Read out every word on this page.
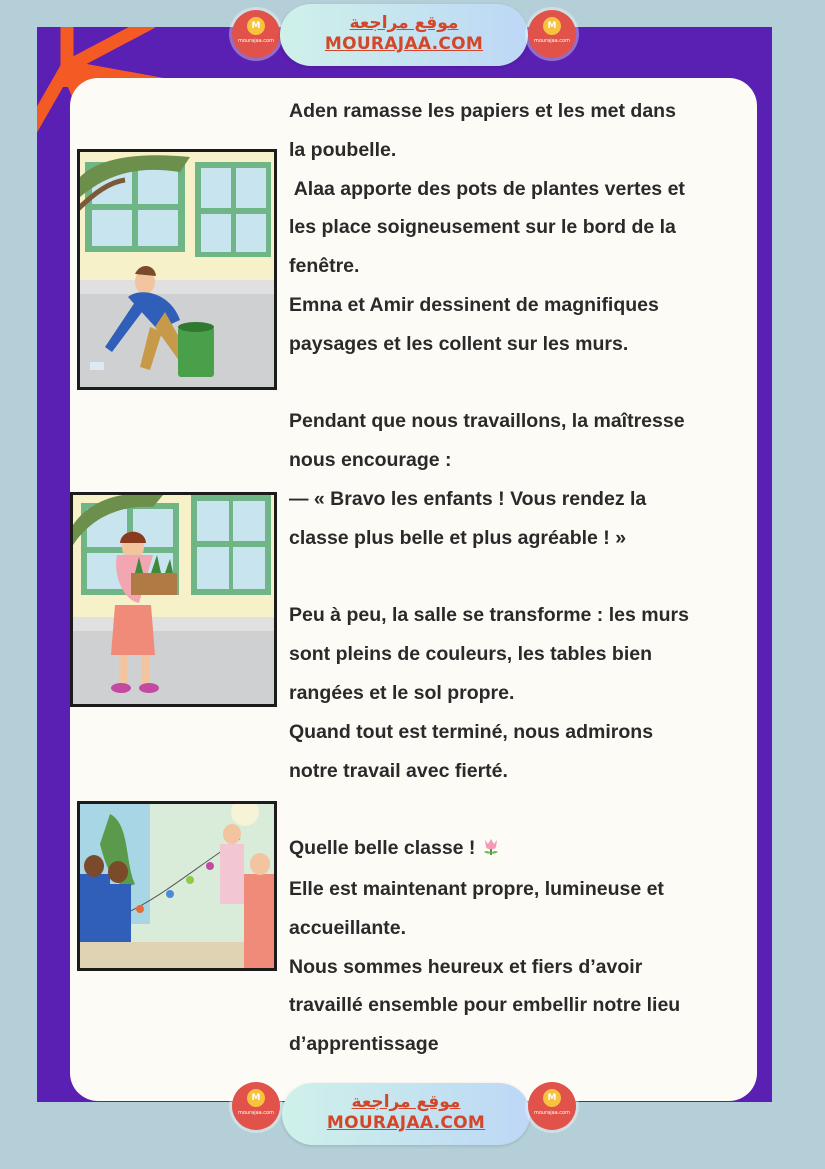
M
mourajaa.com
موقع مراجعة
MOURAJAA.COM
M
mourajaa.com

Aden ramasse les papiers et les met dans

la poubelle.

Alaa apporte des pots de plantes vertes et

les place soigneusement sur le bord de la

fenêtre.

Emna et Amir dessinent de magnifiques

paysages et les collent sur les murs.

Pendant que nous travaillons, la maîtresse

nous encourage :

— « Bravo les enfants ! Vous rendez la

classe plus belle et plus agréable ! »

Peu à peu, la salle se transforme : les murs

sont pleins de couleurs, les tables bien

rangées et le sol propre.

Quand tout est terminé, nous admirons

notre travail avec fierté.

Quelle belle classe !

Elle est maintenant propre, lumineuse et

accueillante.

Nous sommes heureux et fiers d’avoir

travaillé ensemble pour embellir notre lieu

d’apprentissage

M
mourajaa.com
موقع مراجعة
MOURAJAA.COM
M
mourajaa.com
